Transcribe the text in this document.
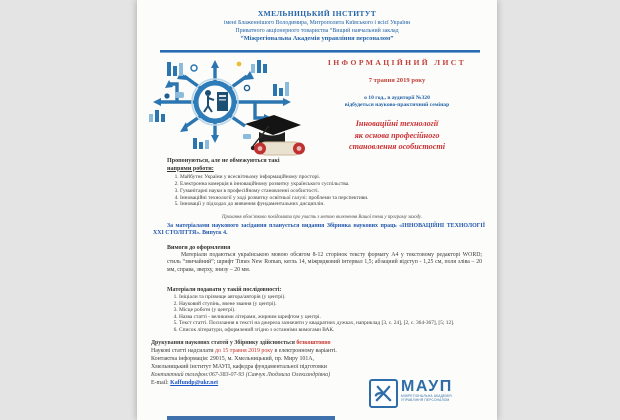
ХМЕЛЬНИЦЬКИЙ ІНСТИТУТ
імені Блаженнішого Володимира, Митрополита Київського і всієї України
Приватного акціонерного товариства “Вищий навчальний заклад
“Міжрегіональна Академія управління персоналом”
ІНФОРМАЦІЙНИЙ ЛИСТ
7 травня 2019 року
о 10 год., в аудиторії №320
відбудеться науково-практичний семінар
Інноваційні технології
як основа професійного
становлення особистості
Пропонуються, але не обмежуються такі
напрями роботи:
1. Майбутнє України у всесвітньому інформаційному просторі.
2. Електронна комерція в інноваційному розвитку українського суспільства.
3. Гуманітарні науки в професійному становленні особистості.
4. Інноваційні технології у ході розвитку освітньої галузі: проблеми та перспективи.
5. Інновації у підходах до вивчення фундаментальних дисциплін.
Прохання обов’язково повідомити про участь з метою включення Вашої теми у програму заходу.
За матеріалами наукового засідання планується видання Збірника наукових праць «ІННОВАЦІЙНІ ТЕХНОЛОГІЇ ХХІ СТОЛІТТЯ». Випуск 4.
Вимоги до оформлення
Матеріали подаються українською мовою обсягом 8-12 сторінок тексту формату А4 у текстовому редакторі WORD; стиль “звичайний”; шрифт Times New Roman, кегль 14, міжрядковий інтервал 1,5; абзацний відступ - 1,25 см, поля зліва – 20 мм, справа, зверху, знизу – 20 мм.
Матеріали подавати у такій послідовності:
1. Ініціали та прізвище автора/авторів (у центрі).
2. Науковий ступінь, вчене звання (у центрі).
3. Місце роботи (у центрі).
4. Назва статті - великими літерами, жирним шрифтом у центрі.
5. Текст статті. Посилання в тексті на джерела зазначити у квадратних дужках, наприклад [3, с. 24], [2, с. 364-367], [5; 12].
6. Список літератури, оформлений згідно з останніми вимогами ВАК.
Друкування наукових статей у Збірнику здійснюється безкоштовно
Наукові статті надсилати до 15 травня 2019 року в електронному варіанті.
Контактна інформація: 29015, м. Хмельницький, пр. Миру 101А,
Хмельницький інститут МАУП, кафедра фундаментальної підготовки
Контактний телефон:067-383-07-93 (Савчук Людмила Олександрівна)
E-mail: Kaffundp@ukr.net	МАУП
МІЖРЕГІОНАЛЬНА АКАДЕМІЯ
УПРАВЛІННЯ ПЕРСОНАЛОМ
